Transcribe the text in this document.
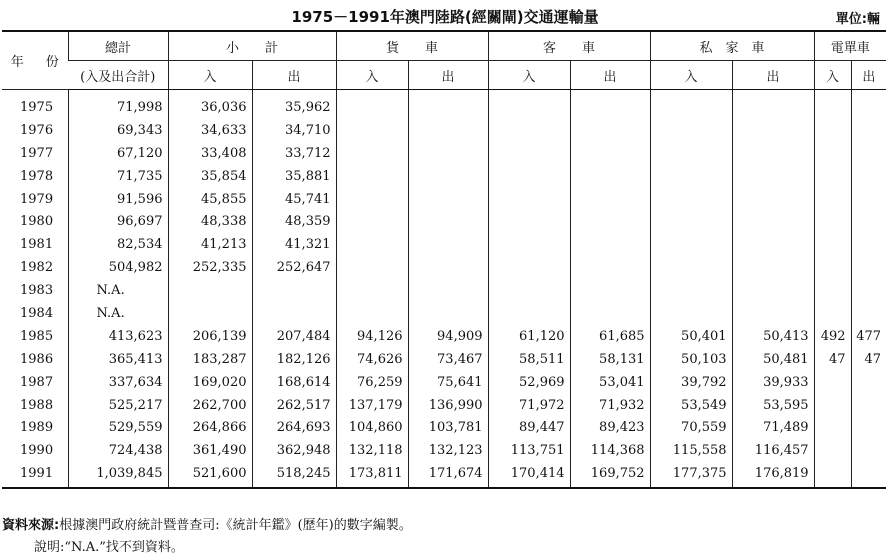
1975－1991年澳門陸路(經關閘)交通運輸量	單位:輛
年 份	總計	小　　計		貨　　車		客　　車		私　家　車		電單車	
	(入及出合計)	入	出	入	出	入	出	入	出	入	出
1975	71,998	36,036	35,962								
1976	69,343	34,633	34,710								
1977	67,120	33,408	33,712								
1978	71,735	35,854	35,881								
1979	91,596	45,855	45,741								
1980	96,697	48,338	48,359								
1981	82,534	41,213	41,321								
1982	504,982	252,335	252,647								
1983	N.A.										
1984	N.A.										
1985	413,623	206,139	207,484	94,126	94,909	61,120	61,685	50,401	50,413	492	477
1986	365,413	183,287	182,126	74,626	73,467	58,511	58,131	50,103	50,481	47	47
1987	337,634	169,020	168,614	76,259	75,641	52,969	53,041	39,792	39,933		
1988	525,217	262,700	262,517	137,179	136,990	71,972	71,932	53,549	53,595		
1989	529,559	264,866	264,693	104,860	103,781	89,447	89,423	70,559	71,489		
1990	724,438	361,490	362,948	132,118	132,123	113,751	114,368	115,558	116,457		
1991	1,039,845	521,600	518,245	173,811	171,674	170,414	169,752	177,375	176,819		
資料來源:根據澳門政府統計暨普查司:《統計年鑑》(歷年)的數字編製。
說明:“N.A.”找不到資料。
